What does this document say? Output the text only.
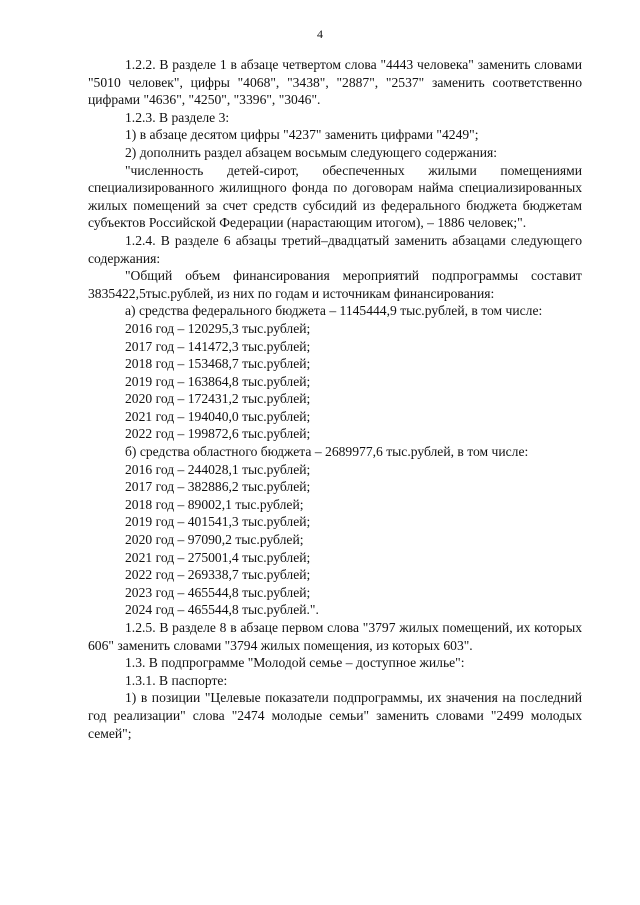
4

1.2.2. В разделе 1 в абзаце четвертом слова "4443 человека" заменить словами "5010 человек", цифры "4068", "3438", "2887", "2537" заменить соответственно цифрами "4636", "4250", "3396", "3046".

1.2.3. В разделе 3:

1) в абзаце десятом цифры "4237" заменить цифрами "4249";

2) дополнить раздел абзацем восьмым следующего содержания:

"численность детей-сирот, обеспеченных жилыми помещениями специализированного жилищного фонда по договорам найма специализированных жилых помещений за счет средств субсидий из федерального бюджета бюджетам субъектов Российской Федерации (нарастающим итогом), – 1886 человек;".

1.2.4. В разделе 6 абзацы третий–двадцатый заменить абзацами следующего содержания:

"Общий объем финансирования мероприятий подпрограммы составит 3835422,5тыс.рублей, из них по годам и источникам финансирования:

а) средства федерального бюджета – 1145444,9 тыс.рублей, в том числе:

2016 год – 120295,3 тыс.рублей;

2017 год – 141472,3 тыс.рублей;

2018 год – 153468,7 тыс.рублей;

2019 год – 163864,8 тыс.рублей;

2020 год – 172431,2 тыс.рублей;

2021 год – 194040,0 тыс.рублей;

2022 год – 199872,6 тыс.рублей;

б) средства областного бюджета – 2689977,6 тыс.рублей, в том числе:

2016 год – 244028,1 тыс.рублей;

2017 год – 382886,2 тыс.рублей;

2018 год – 89002,1 тыс.рублей;

2019 год – 401541,3 тыс.рублей;

2020 год – 97090,2 тыс.рублей;

2021 год – 275001,4 тыс.рублей;

2022 год – 269338,7 тыс.рублей;

2023 год – 465544,8 тыс.рублей;

2024 год – 465544,8 тыс.рублей.".

1.2.5. В разделе 8 в абзаце первом слова "3797 жилых помещений, их которых 606" заменить словами "3794 жилых помещения, из которых 603".

1.3. В подпрограмме "Молодой семье – доступное жилье":

1.3.1. В паспорте:

1) в позиции "Целевые показатели подпрограммы, их значения на последний год реализации" слова "2474 молодые семьи" заменить словами "2499 молодых семей";
